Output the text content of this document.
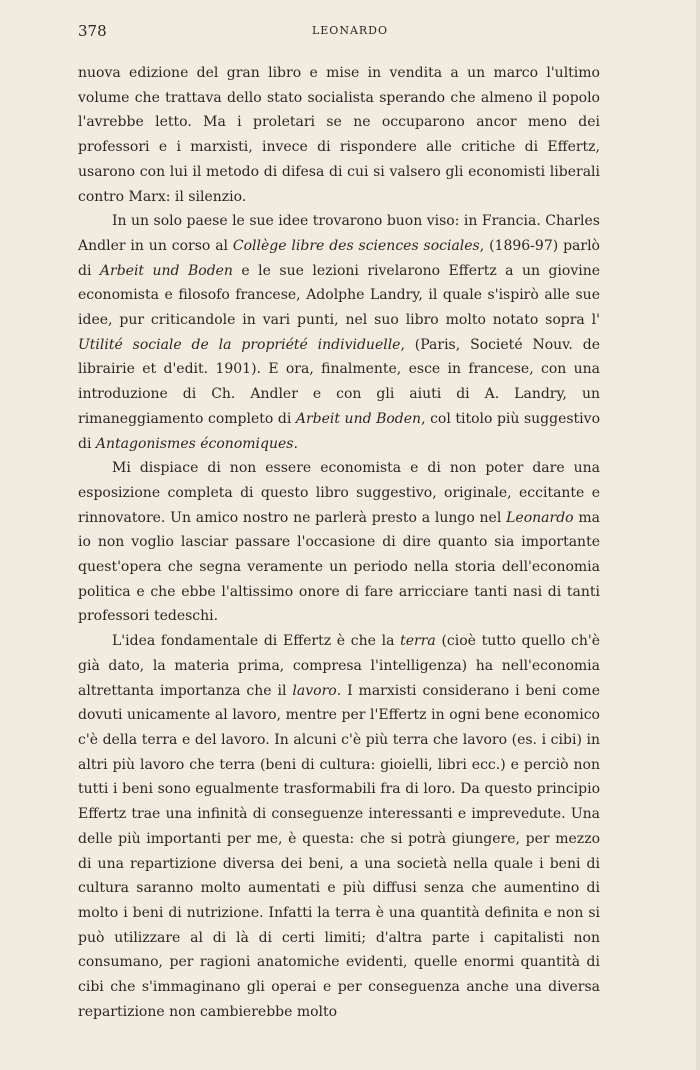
378	LEONARDO

nuova edizione del gran libro e mise in vendita a un marco l'ultimo volume che trattava dello stato socialista sperando che almeno il popolo l'avrebbe letto. Ma i proletari se ne occuparono ancor meno dei professori e i marxisti, invece di rispondere alle critiche di Effertz, usarono con lui il metodo di difesa di cui si valsero gli economisti liberali contro Marx: il silenzio.

In un solo paese le sue idee trovarono buon viso: in Francia. Charles Andler in un corso al Collège libre des sciences sociales, (1896-97) parlò di Arbeit und Boden e le sue lezioni rivelarono Effertz a un giovine economista e filosofo francese, Adolphe Landry, il quale s'ispirò alle sue idee, pur criticandole in vari punti, nel suo libro molto notato sopra l' Utilité sociale de la propriété individuelle, (Paris, Societé Nouv. de librairie et d'edit. 1901). E ora, finalmente, esce in francese, con una introduzione di Ch. Andler e con gli aiuti di A. Landry, un rimaneggiamento completo di Arbeit und Boden, col titolo più suggestivo di Antagonismes économiques.

Mi dispiace di non essere economista e di non poter dare una esposizione completa di questo libro suggestivo, originale, eccitante e rinnovatore. Un amico nostro ne parlerà presto a lungo nel Leonardo ma io non voglio lasciar passare l'occasione di dire quanto sia importante quest'opera che segna veramente un periodo nella storia dell'economia politica e che ebbe l'altissimo onore di fare arricciare tanti nasi di tanti professori tedeschi.

L'idea fondamentale di Effertz è che la terra (cioè tutto quello ch'è già dato, la materia prima, compresa l'intelligenza) ha nell'economia altrettanta importanza che il lavoro. I marxisti considerano i beni come dovuti unicamente al lavoro, mentre per l'Effertz in ogni bene economico c'è della terra e del lavoro. In alcuni c'è più terra che lavoro (es. i cibi) in altri più lavoro che terra (beni di cultura: gioielli, libri ecc.) e perciò non tutti i beni sono egualmente trasformabili fra di loro. Da questo principio Effertz trae una infinità di conseguenze interessanti e imprevedute. Una delle più importanti per me, è questa: che si potrà giungere, per mezzo di una repartizione diversa dei beni, a una società nella quale i beni di cultura saranno molto aumentati e più diffusi senza che aumentino di molto i beni di nutrizione. Infatti la terra è una quantità definita e non si può utilizzare al di là di certi limiti; d'altra parte i capitalisti non consumano, per ragioni anatomiche evidenti, quelle enormi quantità di cibi che s'immaginano gli operai e per conseguenza anche una diversa repartizione non cambierebbe molto
